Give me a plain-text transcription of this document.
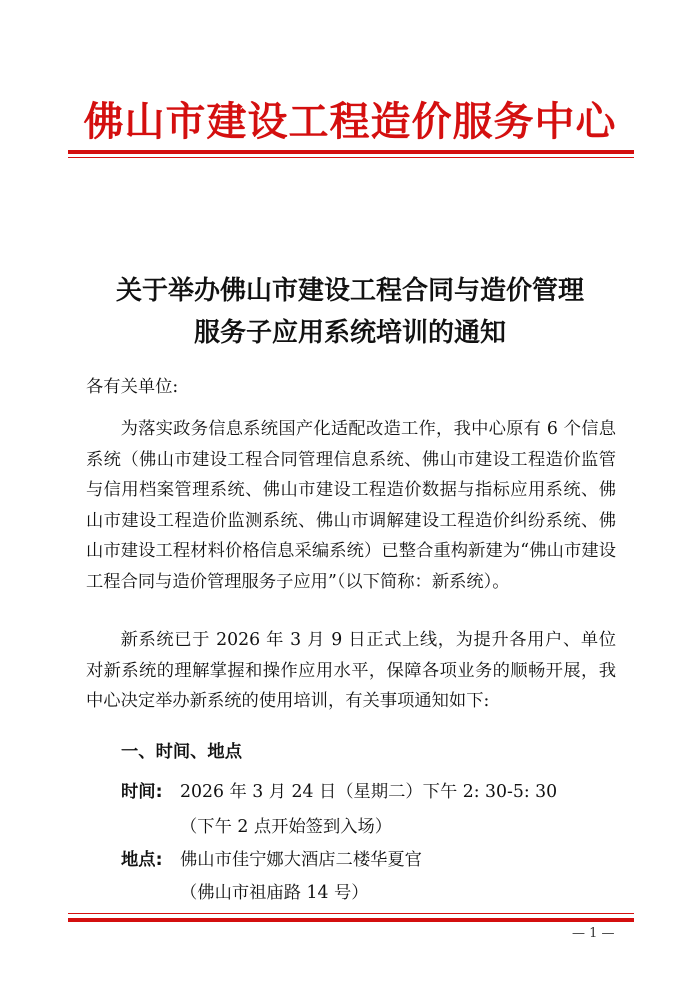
佛山市建设工程造价服务中心
关于举办佛山市建设工程合同与造价管理
服务子应用系统培训的通知
各有关单位:

为落实政务信息系统国产化适配改造工作，我中心原有 6 个信息系统（佛山市建设工程合同管理信息系统、佛山市建设工程造价监管与信用档案管理系统、佛山市建设工程造价数据与指标应用系统、佛山市建设工程造价监测系统、佛山市调解建设工程造价纠纷系统、佛山市建设工程材料价格信息采编系统）已整合重构新建为“佛山市建设工程合同与造价管理服务子应用”（以下简称：新系统）。

新系统已于 2026 年 3 月 9 日正式上线，为提升各用户、单位对新系统的理解掌握和操作应用水平，保障各项业务的顺畅开展，我中心决定举办新系统的使用培训，有关事项通知如下:

一、时间、地点
时间: 2026 年 3 月 24 日（星期二）下午 2: 30-5: 30
（下午 2 点开始签到入场）
地点: 佛山市佳宁娜大酒店二楼华夏官
（佛山市祖庙路 14 号）
— 1 —
